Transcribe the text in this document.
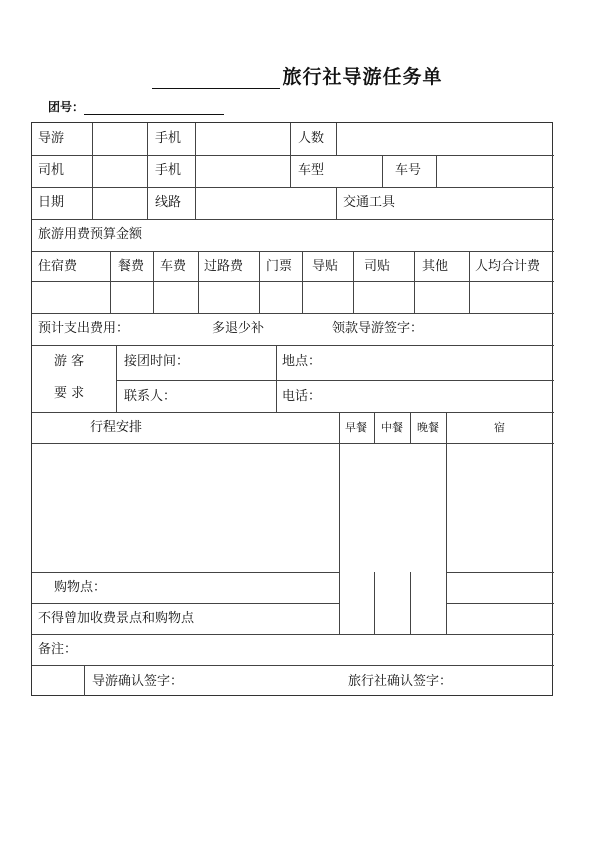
旅行社导游任务单
团号：
导游	手机	人数
司机	手机	车型	车号
日期	线路	交通工具
旅游用费预算金额
住宿费	餐费 车费 过路费 门票 导贴 司贴 其他 人均合计费
预计支出费用：	多退少补	领款导游签字：
游 客
要 求
接团时间：	地点：
联系人：	电话：
行程安排	早餐 中餐 晚餐	宿
购物点：
不得曾加收费景点和购物点
备注：
导游确认签字：	旅行社确认签字：
